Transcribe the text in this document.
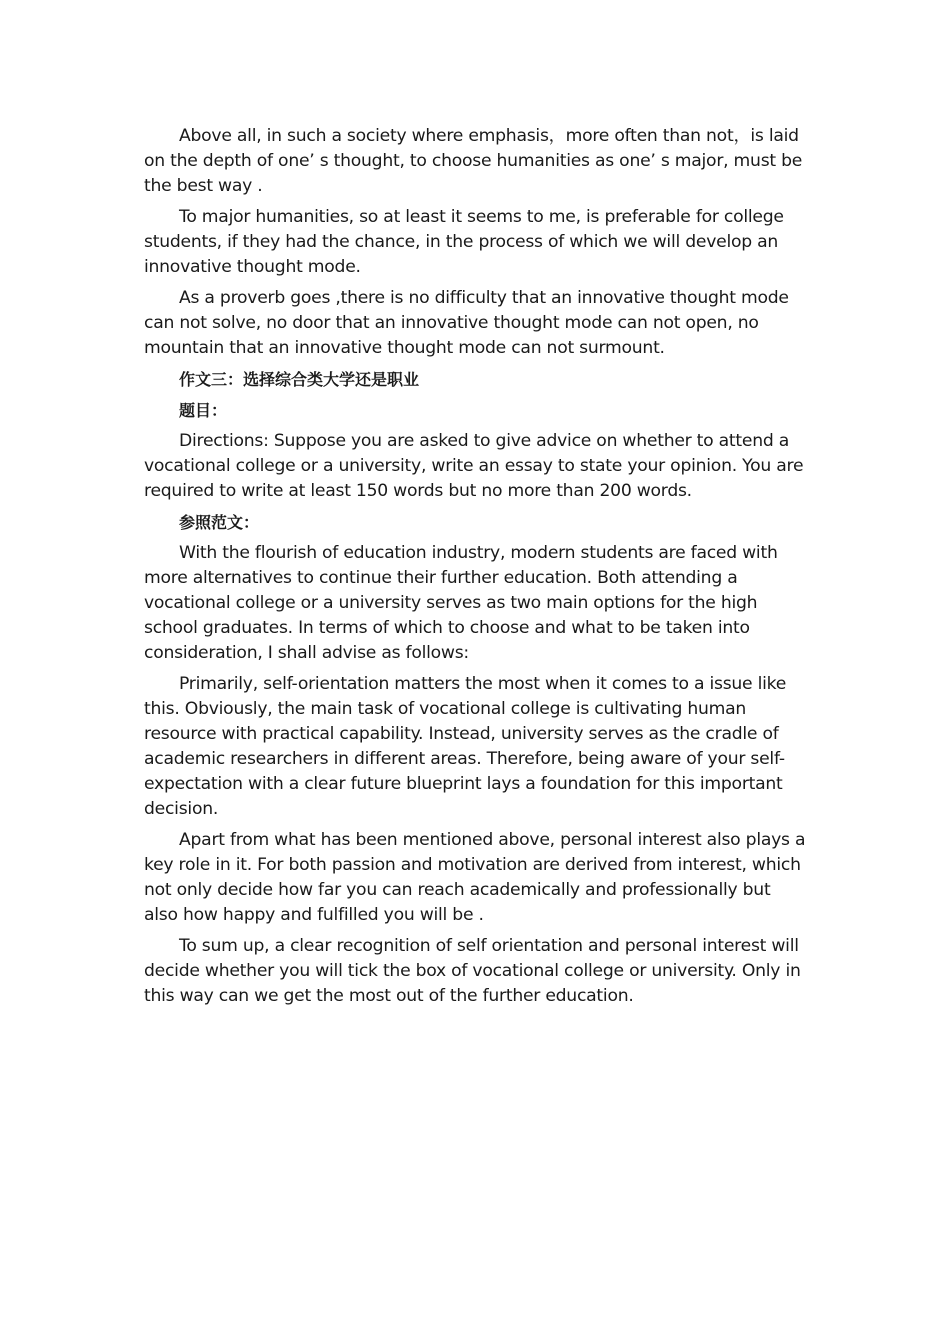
Above all, in such a society where emphasis，more often than not，is laid on the depth of one’ s thought, to choose humanities as one’ s major, must be the best way .

To major humanities, so at least it seems to me, is preferable for college students, if they had the chance, in the process of which we will develop an innovative thought mode.

As a proverb goes ,there is no difficulty that an innovative thought mode can not solve, no door that an innovative thought mode can not open, no mountain that an innovative thought mode can not surmount.

作文三：选择综合类大学还是职业

题目：

Directions: Suppose you are asked to give advice on whether to attend a vocational college or a university, write an essay to state your opinion. You are required to write at least 150 words but no more than 200 words.

参照范文：

With the flourish of education industry, modern students are faced with more alternatives to continue their further education. Both attending a vocational college or a university serves as two main options for the high school graduates. In terms of which to choose and what to be taken into consideration, I shall advise as follows:

Primarily, self-orientation matters the most when it comes to a issue like this. Obviously, the main task of vocational college is cultivating human resource with practical capability. Instead, university serves as the cradle of academic researchers in different areas. Therefore, being aware of your self-expectation with a clear future blueprint lays a foundation for this important decision.

Apart from what has been mentioned above, personal interest also plays a key role in it. For both passion and motivation are derived from interest, which not only decide how far you can reach academically and professionally but also how happy and fulfilled you will be .

To sum up, a clear recognition of self orientation and personal interest will decide whether you will tick the box of vocational college or university. Only in this way can we get the most out of the further education.
